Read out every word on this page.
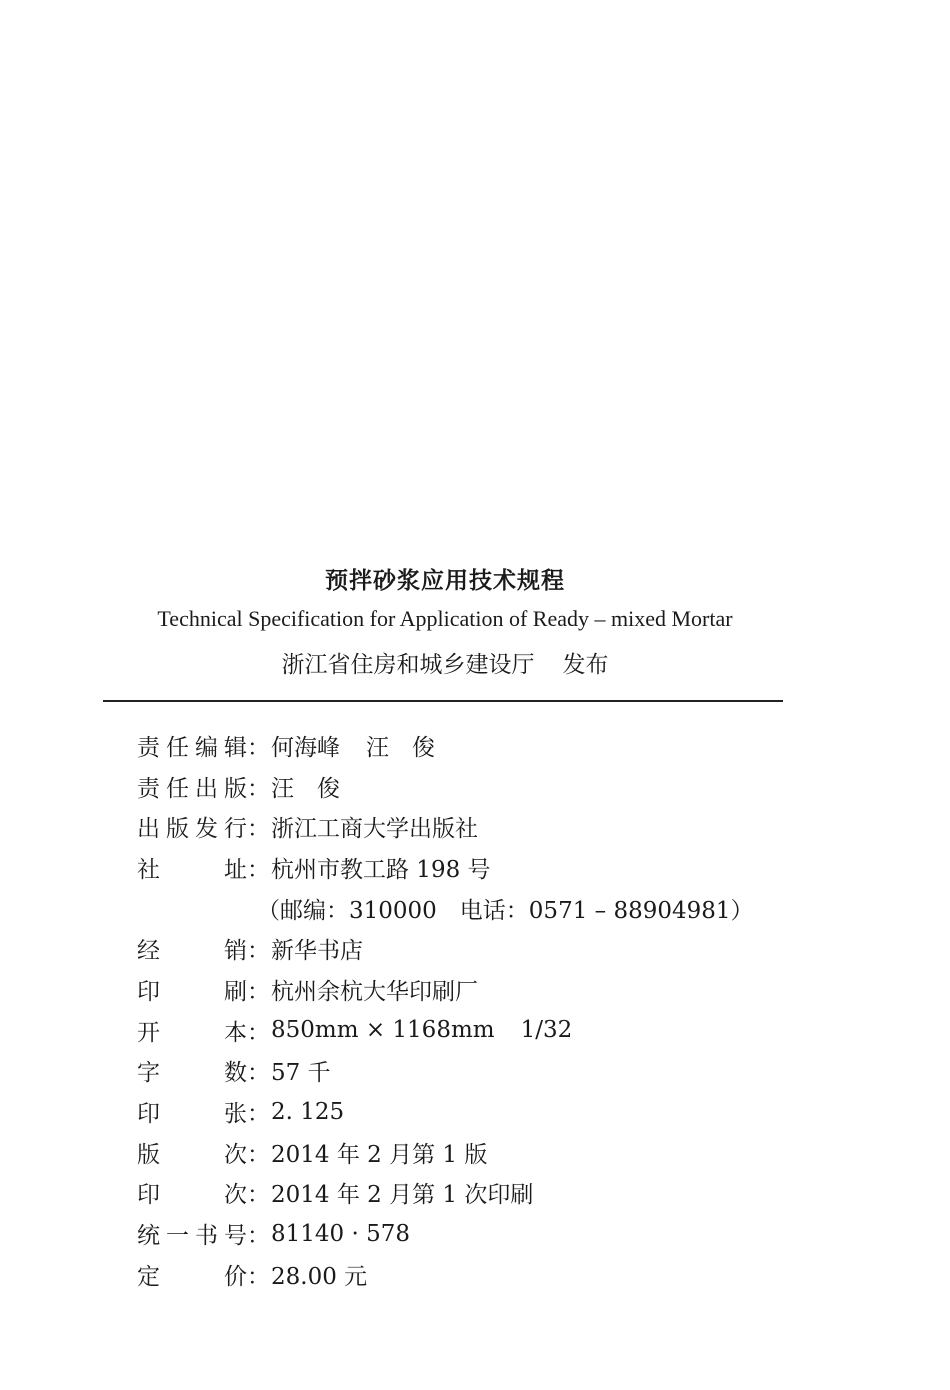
预拌砂浆应用技术规程
Technical Specification for Application of Ready – mixed Mortar
浙江省住房和城乡建设厅 发布
责 任 编 辑 ： 何海峰 汪　俊
责 任 出 版 ： 汪　俊
出 版 发 行 ： 浙江工商大学出版社
社	址 ： 杭州市教工路 198 号
（邮编：310000　电话：0571 – 88904981）
经	销 ： 新华书店
印	刷 ： 杭州余杭大华印刷厂
开	本 ： 850mm × 1168mm 1/32
字	数 ： 57 千
印	张 ： 2. 125
版	次 ： 2014 年 2 月第 1 版
印	次 ： 2014 年 2 月第 1 次印刷
统 一 书 号 ： 81140 · 578
定	价 ： 28.00 元
